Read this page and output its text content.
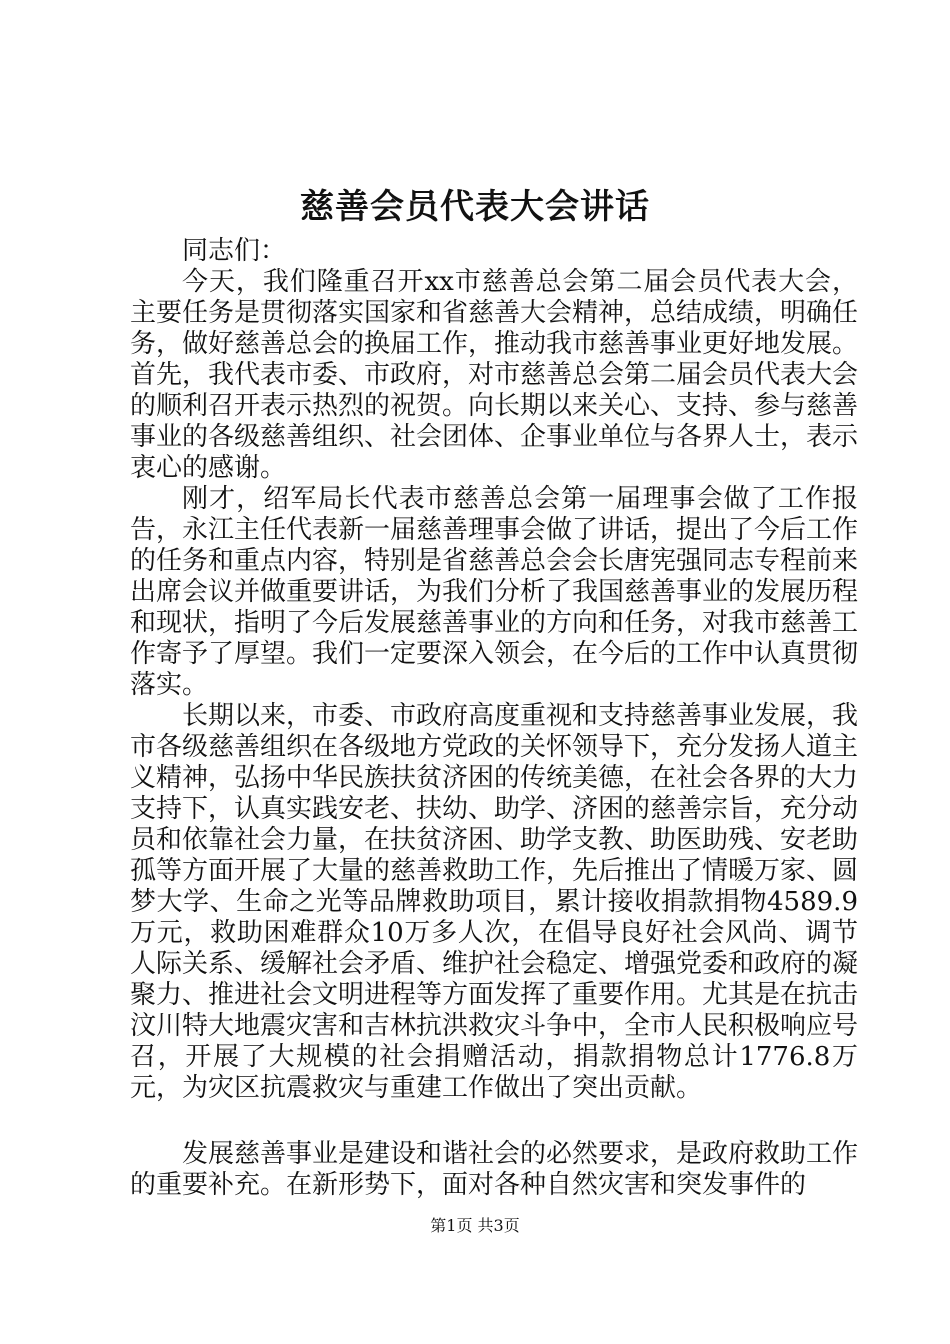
慈善会员代表大会讲话

同志们：

今天，我们隆重召开xx市慈善总会第二届会员代表大会，主要任务是贯彻落实国家和省慈善大会精神，总结成绩，明确任务，做好慈善总会的换届工作，推动我市慈善事业更好地发展。首先，我代表市委、市政府，对市慈善总会第二届会员代表大会的顺利召开表示热烈的祝贺。向长期以来关心、支持、参与慈善事业的各级慈善组织、社会团体、企事业单位与各界人士，表示衷心的感谢。

刚才，绍军局长代表市慈善总会第一届理事会做了工作报告，永江主任代表新一届慈善理事会做了讲话，提出了今后工作的任务和重点内容，特别是省慈善总会会长唐宪强同志专程前来出席会议并做重要讲话，为我们分析了我国慈善事业的发展历程和现状，指明了今后发展慈善事业的方向和任务，对我市慈善工作寄予了厚望。我们一定要深入领会，在今后的工作中认真贯彻落实。

长期以来，市委、市政府高度重视和支持慈善事业发展，我市各级慈善组织在各级地方党政的关怀领导下，充分发扬人道主义精神，弘扬中华民族扶贫济困的传统美德，在社会各界的大力支持下，认真实践安老、扶幼、助学、济困的慈善宗旨，充分动员和依靠社会力量，在扶贫济困、助学支教、助医助残、安老助孤等方面开展了大量的慈善救助工作，先后推出了情暖万家、圆梦大学、生命之光等品牌救助项目，累计接收捐款捐物4589.9万元，救助困难群众10万多人次，在倡导良好社会风尚、调节人际关系、缓解社会矛盾、维护社会稳定、增强党委和政府的凝聚力、推进社会文明进程等方面发挥了重要作用。尤其是在抗击汶川特大地震灾害和吉林抗洪救灾斗争中，全市人民积极响应号召，开展了大规模的社会捐赠活动，捐款捐物总计1776.8万元，为灾区抗震救灾与重建工作做出了突出贡献。

发展慈善事业是建设和谐社会的必然要求，是政府救助工作的重要补充。在新形势下，面对各种自然灾害和突发事件的

第1页 共3页
